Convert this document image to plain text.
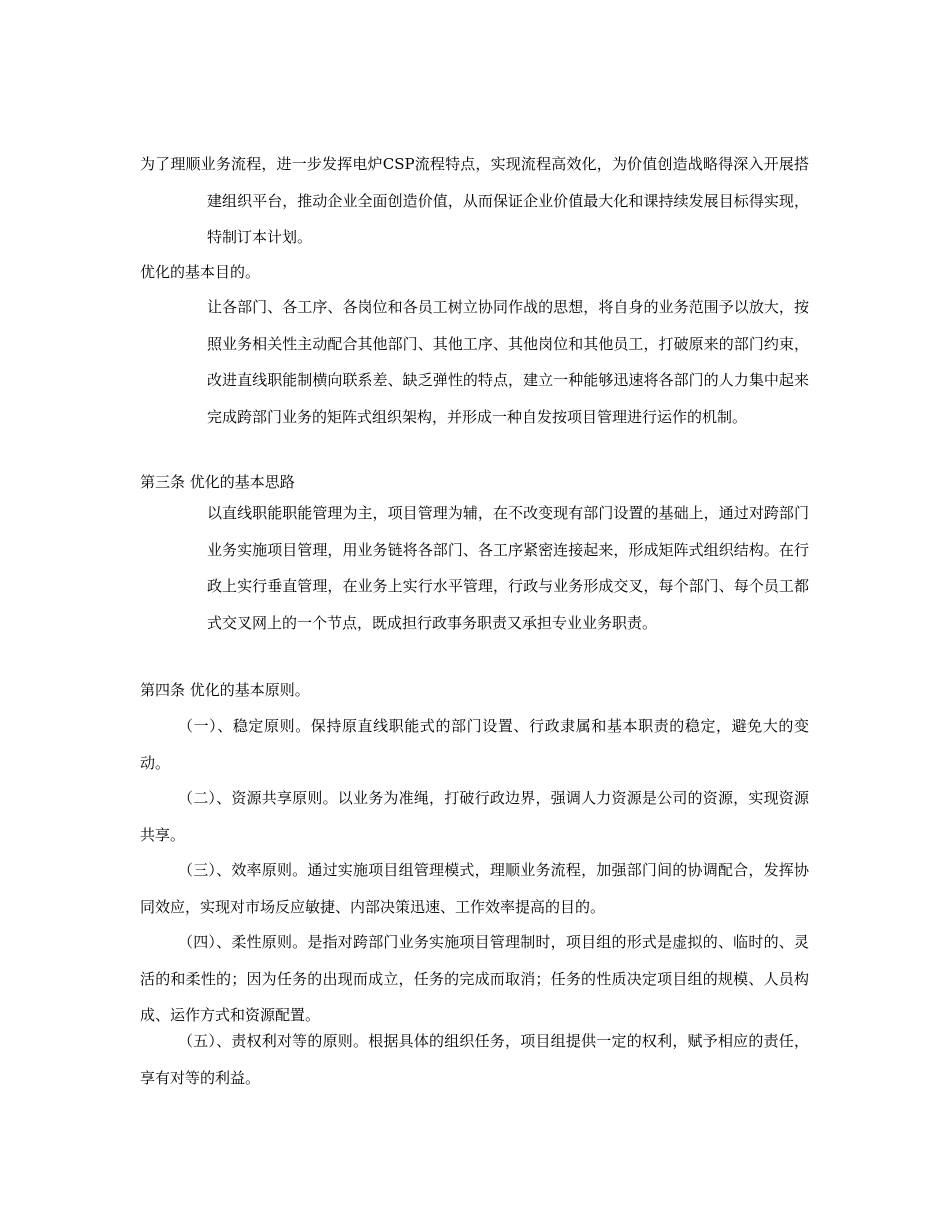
为了理顺业务流程，进一步发挥电炉CSP流程特点，实现流程高效化，为价值创造战略得深入开展搭建组织平台，推动企业全面创造价值，从而保证企业价值最大化和课持续发展目标得实现，特制订本计划。

优化的基本目的。

让各部门、各工序、各岗位和各员工树立协同作战的思想，将自身的业务范围予以放大，按照业务相关性主动配合其他部门、其他工序、其他岗位和其他员工，打破原来的部门约束，改进直线职能制横向联系差、缺乏弹性的特点，建立一种能够迅速将各部门的人力集中起来完成跨部门业务的矩阵式组织架构，并形成一种自发按项目管理进行运作的机制。

第三条 优化的基本思路

以直线职能职能管理为主，项目管理为辅，在不改变现有部门设置的基础上，通过对跨部门业务实施项目管理，用业务链将各部门、各工序紧密连接起来，形成矩阵式组织结构。在行政上实行垂直管理，在业务上实行水平管理，行政与业务形成交叉，每个部门、每个员工都式交叉网上的一个节点，既成担行政事务职责又承担专业业务职责。

第四条 优化的基本原则。

（一）、稳定原则。保持原直线职能式的部门设置、行政隶属和基本职责的稳定，避免大的变动。

（二）、资源共享原则。以业务为准绳，打破行政边界，强调人力资源是公司的资源，实现资源共享。

（三）、效率原则。通过实施项目组管理模式，理顺业务流程，加强部门间的协调配合，发挥协同效应，实现对市场反应敏捷、内部决策迅速、工作效率提高的目的。

（四）、柔性原则。是指对跨部门业务实施项目管理制时，项目组的形式是虚拟的、临时的、灵活的和柔性的；因为任务的出现而成立，任务的完成而取消；任务的性质决定项目组的规模、人员构成、运作方式和资源配置。

（五）、责权利对等的原则。根据具体的组织任务，项目组提供一定的权利，赋予相应的责任，享有对等的利益。
